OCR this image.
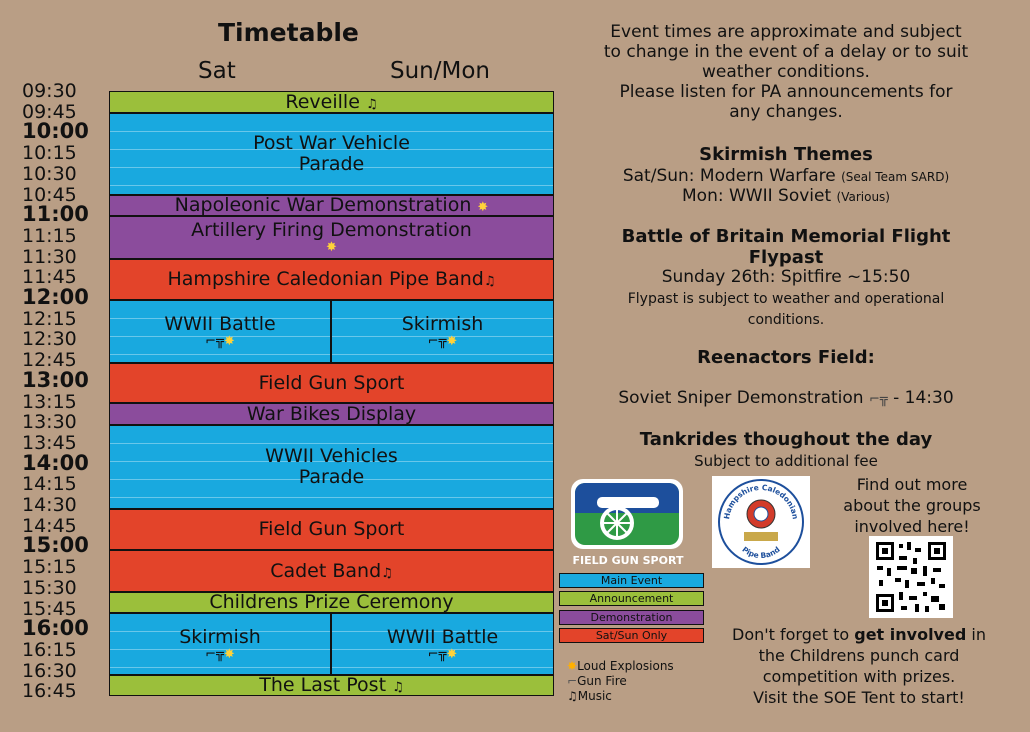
Timetable
Sat	Sun/Mon
09:30
09:45
10:00
10:15
10:30
10:45
11:00
11:15
11:30
11:45
12:00
12:15
12:30
12:45
13:00
13:15
13:30
13:45
14:00
14:15
14:30
14:45
15:00
15:15
15:30
15:45
16:00
16:15
16:30
16:45
Reveille ♫
Post War Vehicle
Parade
Napoleonic War Demonstration ✸
Artillery Firing Demonstration
✸
Hampshire Caledonian Pipe Band♫
WWII Battle
⌐╦✸
Skirmish
⌐╦✸
Field Gun Sport
War Bikes Display
WWII Vehicles
Parade
Field Gun Sport
Cadet Band♫
Childrens Prize Ceremony
Skirmish
⌐╦✸
WWII Battle
⌐╦✸
The Last Post ♫
Event times are approximate and subject
to change in the event of a delay or to suit
weather conditions.
Please listen for PA announcements for
any changes.
Skirmish Themes
Sat/Sun: Modern Warfare (Seal Team SARD)
Mon: WWII Soviet (Various)
Battle of Britain Memorial Flight
Flypast
Sunday 26th: Spitfire ~15:50
Flypast is subject to weather and operational
conditions.
Reenactors Field:
Soviet Sniper Demonstration ⌐╦ - 14:30
Tankrides thoughout the day
Subject to additional fee
FIELD GUN SPORT
Hampshire Caledonian
Pipe Band
Find out more
about the groups
involved here!
Main Event
Announcement
Demonstration
Sat/Sun Only
✸Loud Explosions
⌐Gun Fire
♫Music
Don't forget to get involved in
the Childrens punch card
competition with prizes.
Visit the SOE Tent to start!
